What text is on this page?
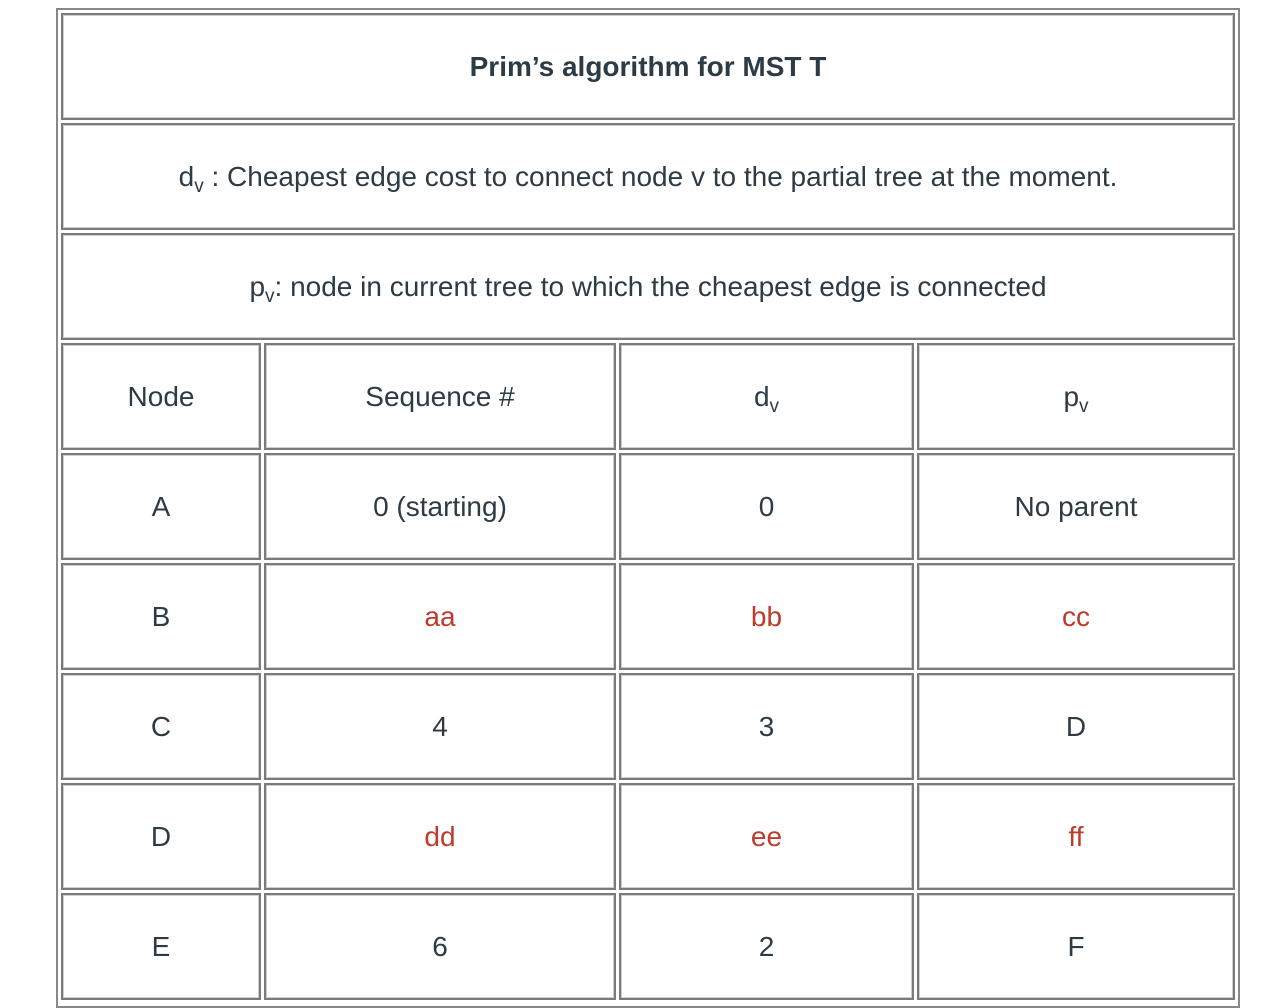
Prim’s algorithm for MST T			
$d_v$ : Cheapest edge cost to connect node v to the partial tree at the moment.			
$p_v$: node in current tree to which the cheapest edge is connected			
Node	Sequence #	$d_v$	$p_v$
A	0 (starting)	0	No parent
B	aa	bb	cc
C	4	3	D
D	dd	ee	ff
E	6	2	F
